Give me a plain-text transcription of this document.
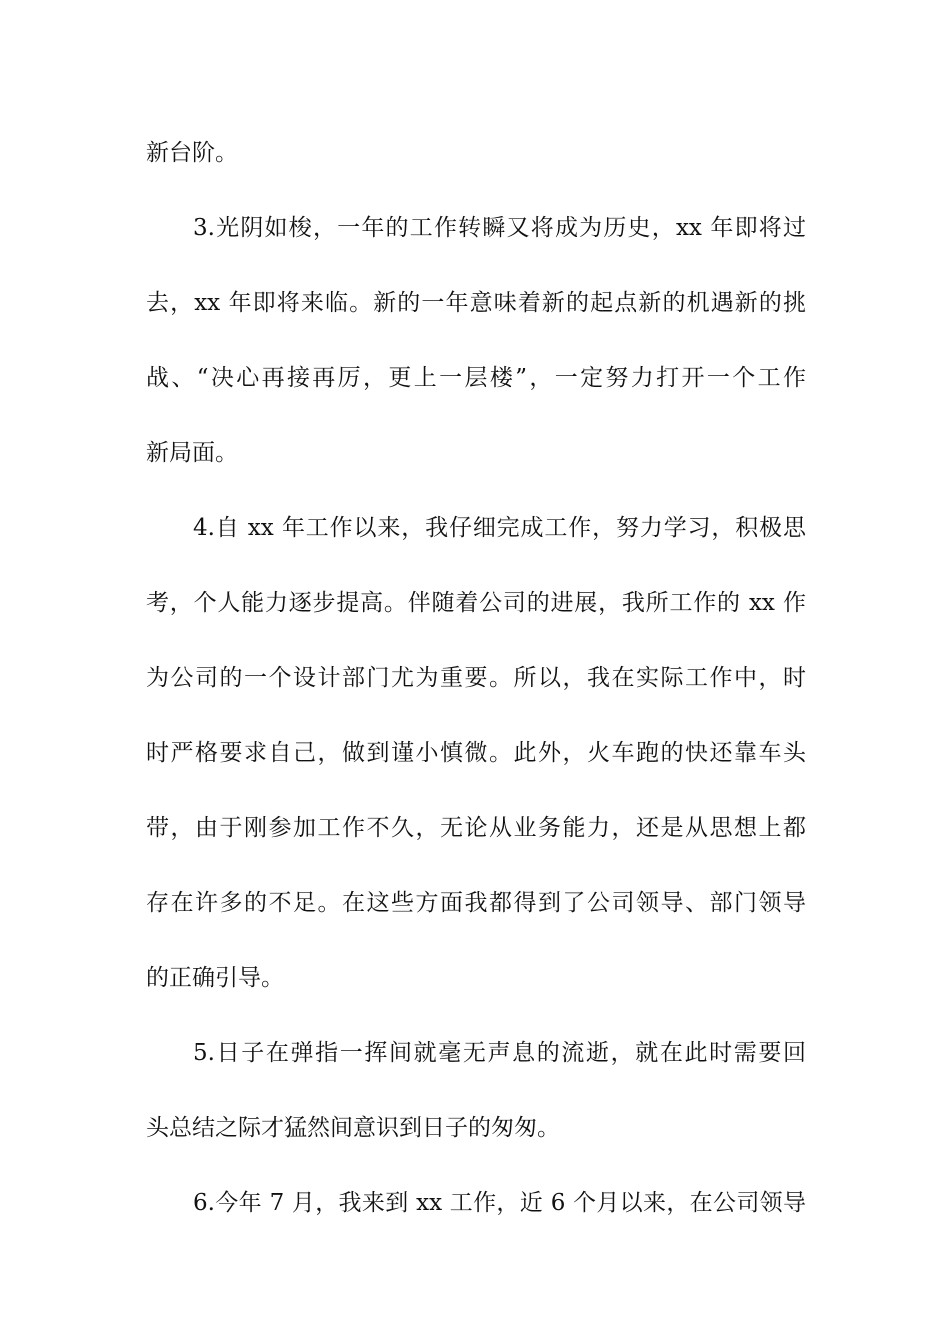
新台阶。
3.光阴如梭，一年的工作转瞬又将成为历史，xx 年即将过
去，xx 年即将来临。新的一年意味着新的起点新的机遇新的挑
战、“决心再接再厉，更上一层楼”，一定努力打开一个工作
新局面。
4.自 xx 年工作以来，我仔细完成工作，努力学习，积极思
考，个人能力逐步提高。伴随着公司的进展，我所工作的 xx 作
为公司的一个设计部门尤为重要。所以，我在实际工作中，时
时严格要求自己，做到谨小慎微。此外，火车跑的快还靠车头
带，由于刚参加工作不久，无论从业务能力，还是从思想上都
存在许多的不足。在这些方面我都得到了公司领导、部门领导
的正确引导。
5.日子在弹指一挥间就毫无声息的流逝，就在此时需要回
头总结之际才猛然间意识到日子的匆匆。
6.今年 7 月，我来到 xx 工作，近 6 个月以来，在公司领导
